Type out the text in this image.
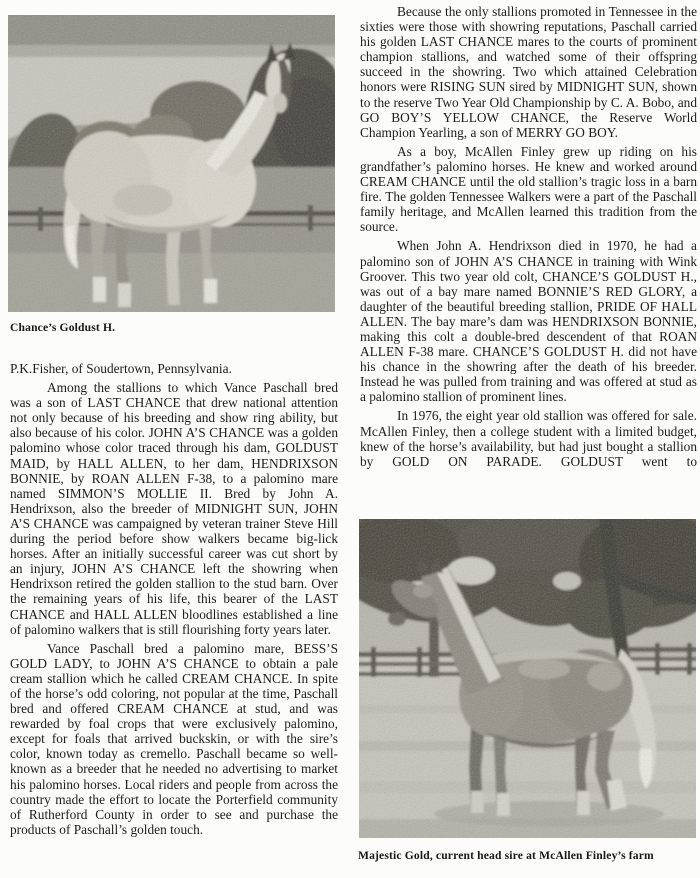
Chance’s Goldust H.

P.K.Fisher, of Soudertown, Pennsylvania.

Among the stallions to which Vance Paschall bred was a son of LAST CHANCE that drew national attention not only because of his breeding and show ring ability, but also because of his color. JOHN A’S CHANCE was a golden palomino whose color traced through his dam, GOLDUST MAID, by HALL ALLEN, to her dam, HENDRIXSON BONNIE, by ROAN ALLEN F-38, to a palomino mare named SIMMON’S MOLLIE II. Bred by John A. Hendrixson, also the breeder of MIDNIGHT SUN, JOHN A’S CHANCE was campaigned by veteran trainer Steve Hill during the period before show walkers became big-lick horses. After an initially successful career was cut short by an injury, JOHN A’S CHANCE left the showring when Hendrixson retired the golden stallion to the stud barn. Over the remaining years of his life, this bearer of the LAST CHANCE and HALL ALLEN bloodlines established a line of palomino walkers that is still flourishing forty years later.

Vance Paschall bred a palomino mare, BESS’S GOLD LADY, to JOHN A’S CHANCE to obtain a pale cream stallion which he called CREAM CHANCE. In spite of the horse’s odd coloring, not popular at the time, Paschall bred and offered CREAM CHANCE at stud, and was rewarded by foal crops that were exclusively palomino, except for foals that arrived buckskin, or with the sire’s color, known today as cremello. Paschall became so well-known as a breeder that he needed no advertising to market his palomino horses. Local riders and people from across the country made the effort to locate the Porterfield community of Rutherford County in order to see and purchase the products of Paschall’s golden touch.

Because the only stallions promoted in Tennessee in the sixties were those with showring reputations, Paschall carried his golden LAST CHANCE mares to the courts of prominent champion stallions, and watched some of their offspring succeed in the showring. Two which attained Celebration honors were RISING SUN sired by MIDNIGHT SUN, shown to the reserve Two Year Old Championship by C. A. Bobo, and GO BOY’S YELLOW CHANCE, the Reserve World Champion Yearling, a son of MERRY GO BOY.

As a boy, McAllen Finley grew up riding on his grandfather’s palomino horses. He knew and worked around CREAM CHANCE until the old stallion’s tragic loss in a barn fire. The golden Tennessee Walkers were a part of the Paschall family heritage, and McAllen learned this tradition from the source.

When John A. Hendrixson died in 1970, he had a palomino son of JOHN A’S CHANCE in training with Wink Groover. This two year old colt, CHANCE’S GOLDUST H., was out of a bay mare named BONNIE’S RED GLORY, a daughter of the beautiful breeding stallion, PRIDE OF HALL ALLEN. The bay mare’s dam was HENDRIXSON BONNIE, making this colt a double-bred descendent of that ROAN ALLEN F-38 mare. CHANCE’S GOLDUST H. did not have his chance in the showring after the death of his breeder. Instead he was pulled from training and was offered at stud as a palomino stallion of prominent lines.

In 1976, the eight year old stallion was offered for sale. McAllen Finley, then a college student with a limited budget, knew of the horse’s availability, but had just bought a stallion by GOLD ON PARADE. GOLDUST went to

Majestic Gold, current head sire at McAllen Finley’s farm
